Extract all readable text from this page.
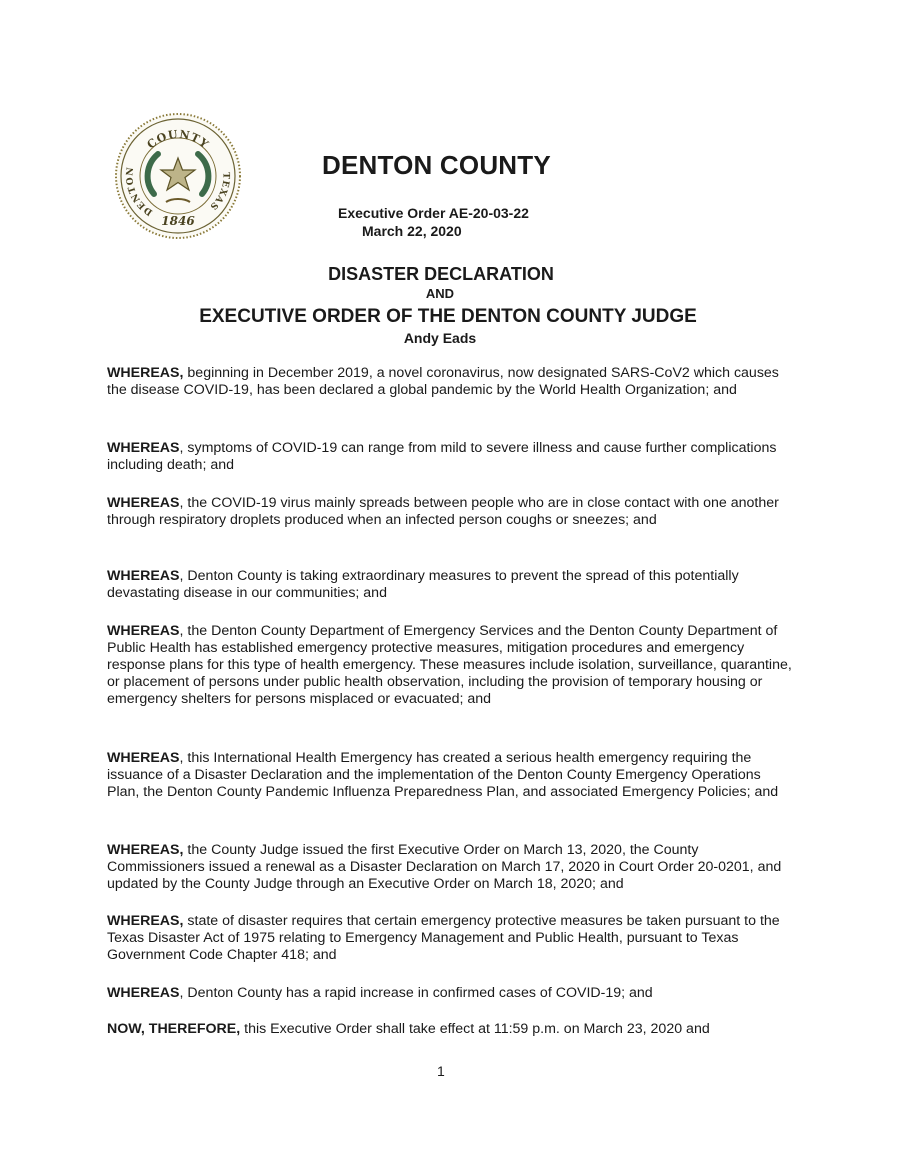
COUNTY
DENTON	TEXAS
1846
DENTON COUNTY
Executive Order AE-20-03-22
March 22, 2020
DISASTER DECLARATION
AND
EXECUTIVE ORDER OF THE DENTON COUNTY JUDGE
Andy Eads

WHEREAS, beginning in December 2019, a novel coronavirus, now designated SARS-CoV2 which causes the disease COVID-19, has been declared a global pandemic by the World Health Organization; and

WHEREAS, symptoms of COVID-19 can range from mild to severe illness and cause further complications including death; and

WHEREAS, the COVID-19 virus mainly spreads between people who are in close contact with one another through respiratory droplets produced when an infected person coughs or sneezes; and

WHEREAS, Denton County is taking extraordinary measures to prevent the spread of this potentially devastating disease in our communities; and

WHEREAS, the Denton County Department of Emergency Services and the Denton County Department of Public Health has established emergency protective measures, mitigation procedures and emergency response plans for this type of health emergency. These measures include isolation, surveillance, quarantine, or placement of persons under public health observation, including the provision of temporary housing or emergency shelters for persons misplaced or evacuated; and

WHEREAS, this International Health Emergency has created a serious health emergency requiring the issuance of a Disaster Declaration and the implementation of the Denton County Emergency Operations Plan, the Denton County Pandemic Influenza Preparedness Plan, and associated Emergency Policies; and

WHEREAS, the County Judge issued the first Executive Order on March 13, 2020, the County Commissioners issued a renewal as a Disaster Declaration on March 17, 2020 in Court Order 20-0201, and updated by the County Judge through an Executive Order on March 18, 2020; and

WHEREAS, state of disaster requires that certain emergency protective measures be taken pursuant to the Texas Disaster Act of 1975 relating to Emergency Management and Public Health, pursuant to Texas Government Code Chapter 418; and

WHEREAS, Denton County has a rapid increase in confirmed cases of COVID-19; and

NOW, THEREFORE, this Executive Order shall take effect at 11:59 p.m. on March 23, 2020 and

1
